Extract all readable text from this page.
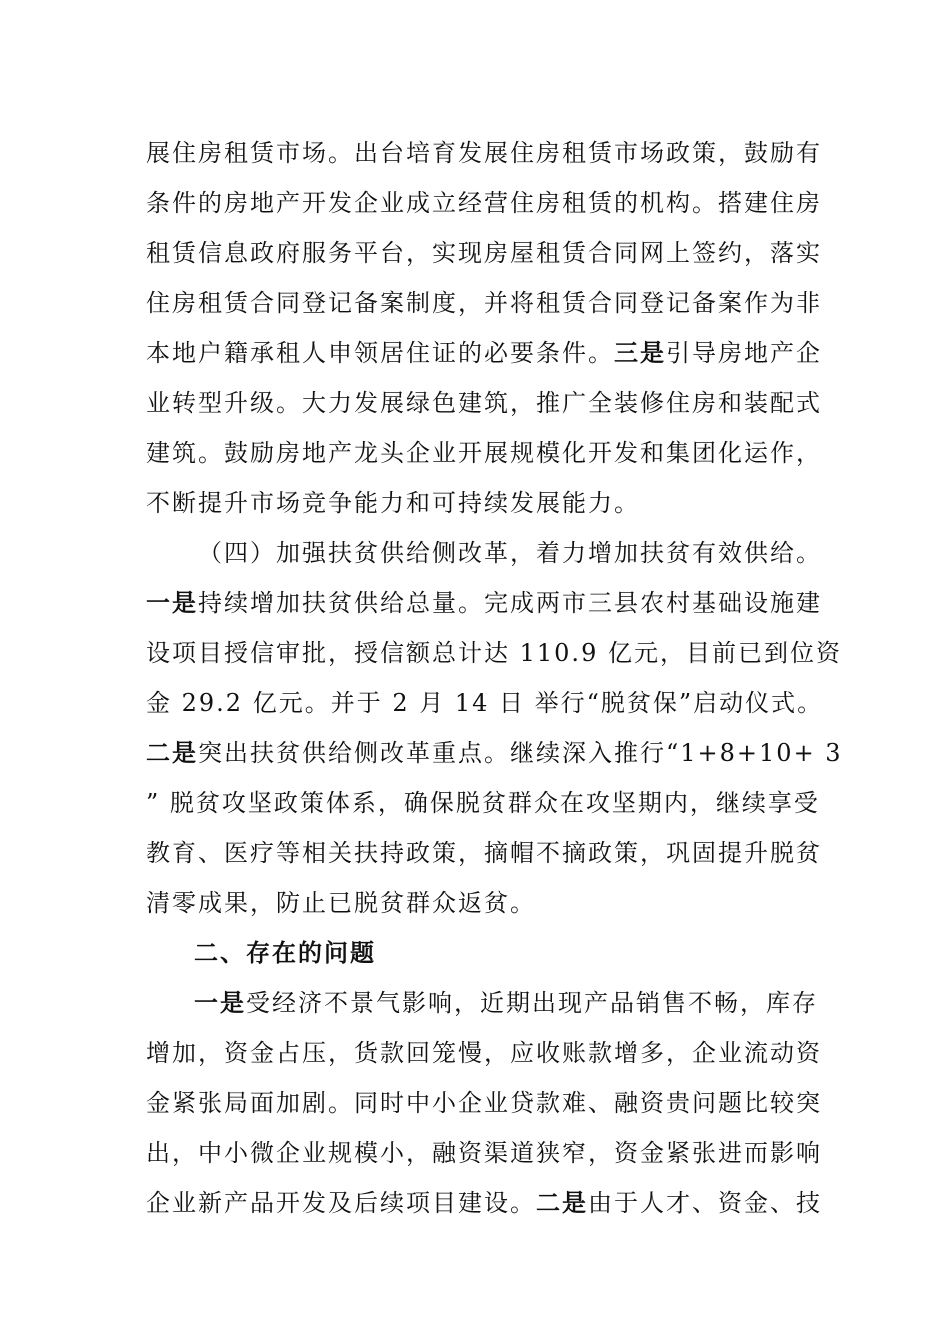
展住房租赁市场。出台培育发展住房租赁市场政策，鼓励有
条件的房地产开发企业成立经营住房租赁的机构。搭建住房
租赁信息政府服务平台，实现房屋租赁合同网上签约，落实
住房租赁合同登记备案制度，并将租赁合同登记备案作为非
本地户籍承租人申领居住证的必要条件。三是引导房地产企
业转型升级。大力发展绿色建筑，推广全装修住房和装配式
建筑。鼓励房地产龙头企业开展规模化开发和集团化运作，
不断提升市场竞争能力和可持续发展能力。
（四）加强扶贫供给侧改革，着力增加扶贫有效供给。
一是持续增加扶贫供给总量。完成两市三县农村基础设施建
设项目授信审批，授信额总计达 110.9 亿元，目前已到位资
金 29.2 亿元。并于 2 月 14 日 举行“脱贫保”启动仪式。
二是突出扶贫供给侧改革重点。继续深入推行“1+8+10+ 3
” 脱贫攻坚政策体系，确保脱贫群众在攻坚期内，继续享受
教育、医疗等相关扶持政策，摘帽不摘政策，巩固提升脱贫
清零成果，防止已脱贫群众返贫。
二、存在的问题
一是受经济不景气影响，近期出现产品销售不畅，库存
增加，资金占压，货款回笼慢，应收账款增多，企业流动资
金紧张局面加剧。同时中小企业贷款难、融资贵问题比较突
出，中小微企业规模小，融资渠道狭窄，资金紧张进而影响
企业新产品开发及后续项目建设。二是由于人才、资金、技
